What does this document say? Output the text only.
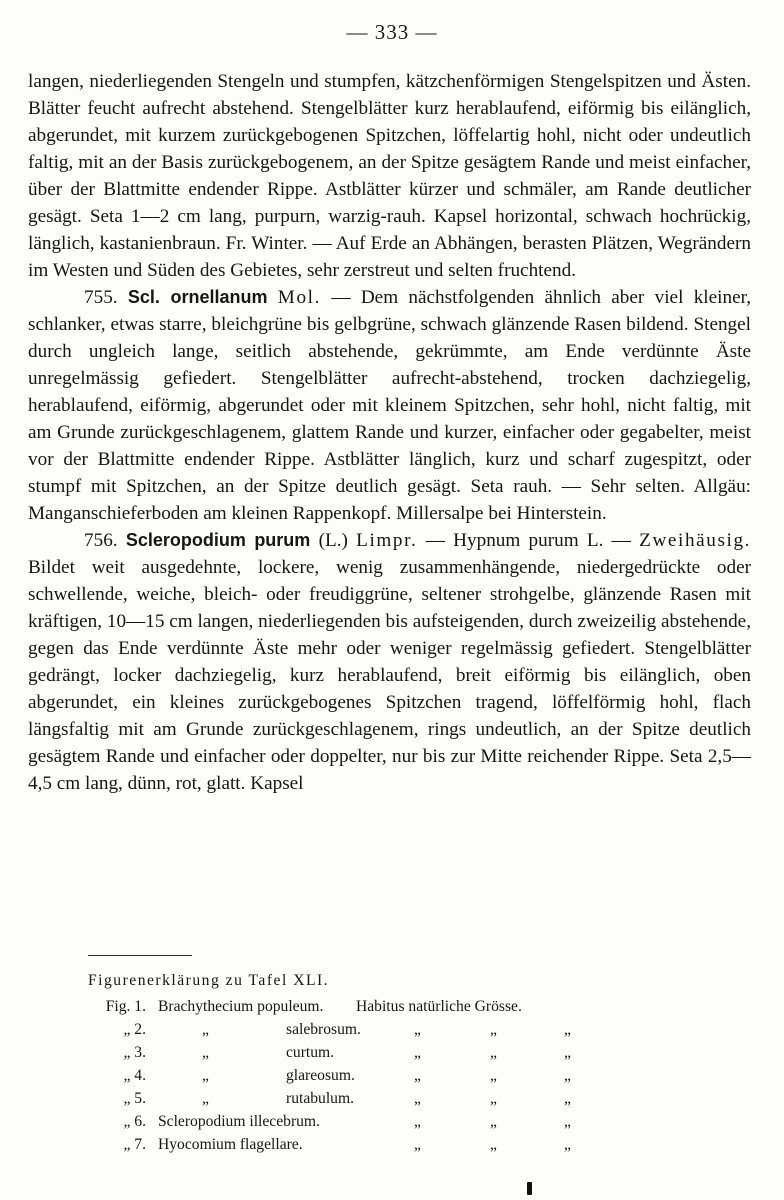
— 333 —

langen, niederliegenden Stengeln und stumpfen, kätzchenförmigen Stengelspitzen und Ästen. Blätter feucht aufrecht abstehend. Stengelblätter kurz herablaufend, eiförmig bis eilänglich, abgerundet, mit kurzem zurückgebogenen Spitzchen, löffelartig hohl, nicht oder undeutlich faltig, mit an der Basis zurückgebogenem, an der Spitze gesägtem Rande und meist einfacher, über der Blattmitte endender Rippe. Astblätter kürzer und schmäler, am Rande deutlicher gesägt. Seta 1—2 cm lang, purpurn, warzig-rauh. Kapsel horizontal, schwach hochrückig, länglich, kastanienbraun. Fr. Winter. — Auf Erde an Abhängen, berasten Plätzen, Wegrändern im Westen und Süden des Gebietes, sehr zerstreut und selten fruchtend.

755. Scl. ornellanum Mol. — Dem nächstfolgenden ähnlich aber viel kleiner, schlanker, etwas starre, bleichgrüne bis gelbgrüne, schwach glänzende Rasen bildend. Stengel durch ungleich lange, seitlich abstehende, gekrümmte, am Ende verdünnte Äste unregelmässig gefiedert. Stengelblätter aufrecht-abstehend, trocken dachziegelig, herablaufend, eiförmig, abgerundet oder mit kleinem Spitzchen, sehr hohl, nicht faltig, mit am Grunde zurückgeschlagenem, glattem Rande und kurzer, einfacher oder gegabelter, meist vor der Blattmitte endender Rippe. Astblätter länglich, kurz und scharf zugespitzt, oder stumpf mit Spitzchen, an der Spitze deutlich gesägt. Seta rauh. — Sehr selten. Allgäu: Manganschieferboden am kleinen Rappenkopf. Millersalpe bei Hinterstein.

756. Scleropodium purum (L.) Limpr. — Hypnum purum L. — Zweihäusig. Bildet weit ausgedehnte, lockere, wenig zusammenhängende, niedergedrückte oder schwellende, weiche, bleich- oder freudiggrüne, seltener strohgelbe, glänzende Rasen mit kräftigen, 10—15 cm langen, niederliegenden bis aufsteigenden, durch zweizeilig abstehende, gegen das Ende verdünnte Äste mehr oder weniger regelmässig gefiedert. Stengelblätter gedrängt, locker dachziegelig, kurz herablaufend, breit eiförmig bis eilänglich, oben abgerundet, ein kleines zurückgebogenes Spitzchen tragend, löffelförmig hohl, flach längsfaltig mit am Grunde zurückgeschlagenem, rings undeutlich, an der Spitze deutlich gesägtem Rande und einfacher oder doppelter, nur bis zur Mitte reichender Rippe. Seta 2,5—4,5 cm lang, dünn, rot, glatt. Kapsel

Figurenerklärung zu Tafel XLI.
Fig. 1. Brachythecium populeum. Habitus natürliche Grösse.
„ 2.	„	salebrosum.	„	„	„
„ 3.	„	curtum.	„	„	„
„ 4.	„	glareosum.	„	„	„
„ 5.	„	rutabulum.	„	„	„
„ 6. Scleropodium illecebrum.	„	„	„
„ 7. Hyocomium flagellare.	„	„	„
